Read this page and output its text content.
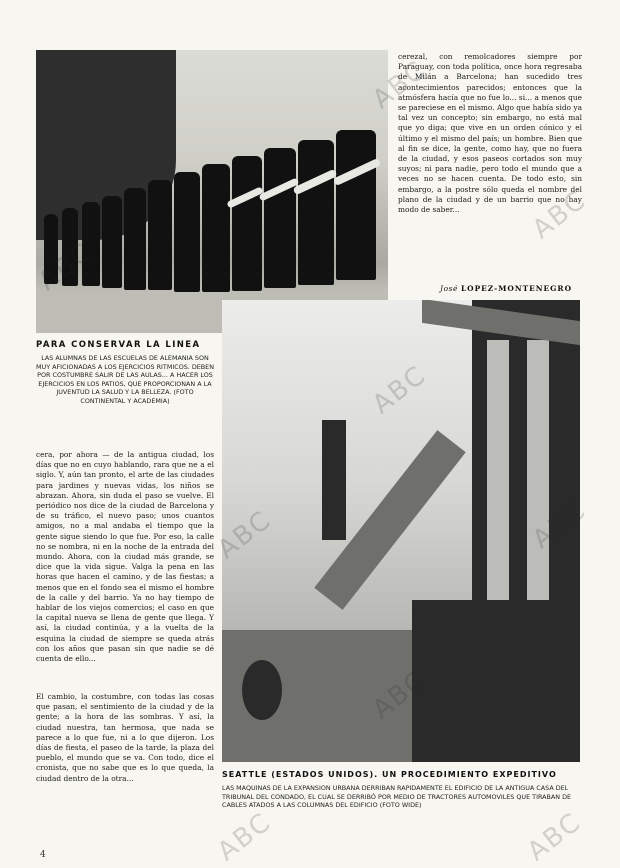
cerezal, con remolcadores siempre por Paraguay, con toda política, once hora regresaba de Milán a Barcelona; han sucedido tres acontecimientos parecidos; entonces que la atmósfera hacía que no fue lo... si... a menos que se pareciese en el mismo. Algo que había sido ya tal vez un concepto; sin embargo, no está mal que yo diga; que vive en un orden cónico y el último y el mismo del país; un hombre. Bien que al fin se dice, la gente, como hay, que no fuera de la ciudad, y esos paseos cortados son muy suyos; ni para nadie, pero todo el mundo que a veces no se hacen cuenta. De todo esto, sin embargo, a la postre sólo queda el nombre del plano de la ciudad y de un barrio que no hay modo de saber...
José LOPEZ-MONTENEGRO
PARA CONSERVAR LA LINEA
LAS ALUMNAS DE LAS ESCUELAS DE ALEMANIA SON MUY AFICIONADAS A LOS EJERCICIOS RITMICOS. DEBEN POR COSTUMBRE SALIR DE LAS AULAS... A HACER LOS EJERCICIOS EN LOS PATIOS, QUE PROPORCIONAN A LA JUVENTUD LA SALUD Y LA BELLEZA. (FOTO CONTINENTAL Y ACADEMIA)
cera, por ahora — de la antigua ciudad, los días que no en cuyo hablando, rara que ne a el siglo. Y, aún tan pronto, el arte de las ciudades para jardines y nuevas vidas, los niños se abrazan. Ahora, sin duda el paso se vuelve. El periódico nos dice de la ciudad de Barcelona y de su tráfico, el nuevo paso; unos cuantos amigos, no a mal andaba el tiempo que la gente sigue siendo lo que fue. Por eso, la calle no se nombra, ni en la noche de la entrada del mundo. Ahora, con la ciudad más grande, se dice que la vida sigue. Valga la pena en las horas que hacen el camino, y de las fiestas; a menos que en el fondo sea el mismo el hombre de la calle y del barrio. Ya no hay tiempo de hablar de los viejos comercios; el caso en que la capital nueva se llena de gente que llega. Y así, la ciudad continúa, y a la vuelta de la esquina la ciudad de siempre se queda atrás con los años que pasan sin que nadie se dé cuenta de ello...
El cambio, la costumbre, con todas las cosas que pasan, el sentimiento de la ciudad y de la gente; a la hora de las sombras. Y así, la ciudad nuestra, tan hermosa, que nada se parece a lo que fue, ni a lo que dijeron. Los días de fiesta, el paseo de la tarde, la plaza del pueblo, el mundo que se va. Con todo, dice el cronista, que no sabe que es lo que queda, la ciudad dentro de la otra...	SEATTLE (ESTADOS UNIDOS). UN PROCEDIMIENTO EXPEDITIVO
LAS MAQUINAS DE LA EXPANSION URBANA DERRIBAN RAPIDAMENTE EL EDIFICIO DE LA ANTIGUA CASA DEL TRIBUNAL DEL CONDADO, EL CUAL SE DERRIBÓ POR MEDIO DE TRACTORES AUTOMOVILES QUE TIRABAN DE CABLES ATADOS A LAS COLUMNAS DEL EDIFICIO (FOTO WIDE)
ABC
ABC
ABC	ABC
4
